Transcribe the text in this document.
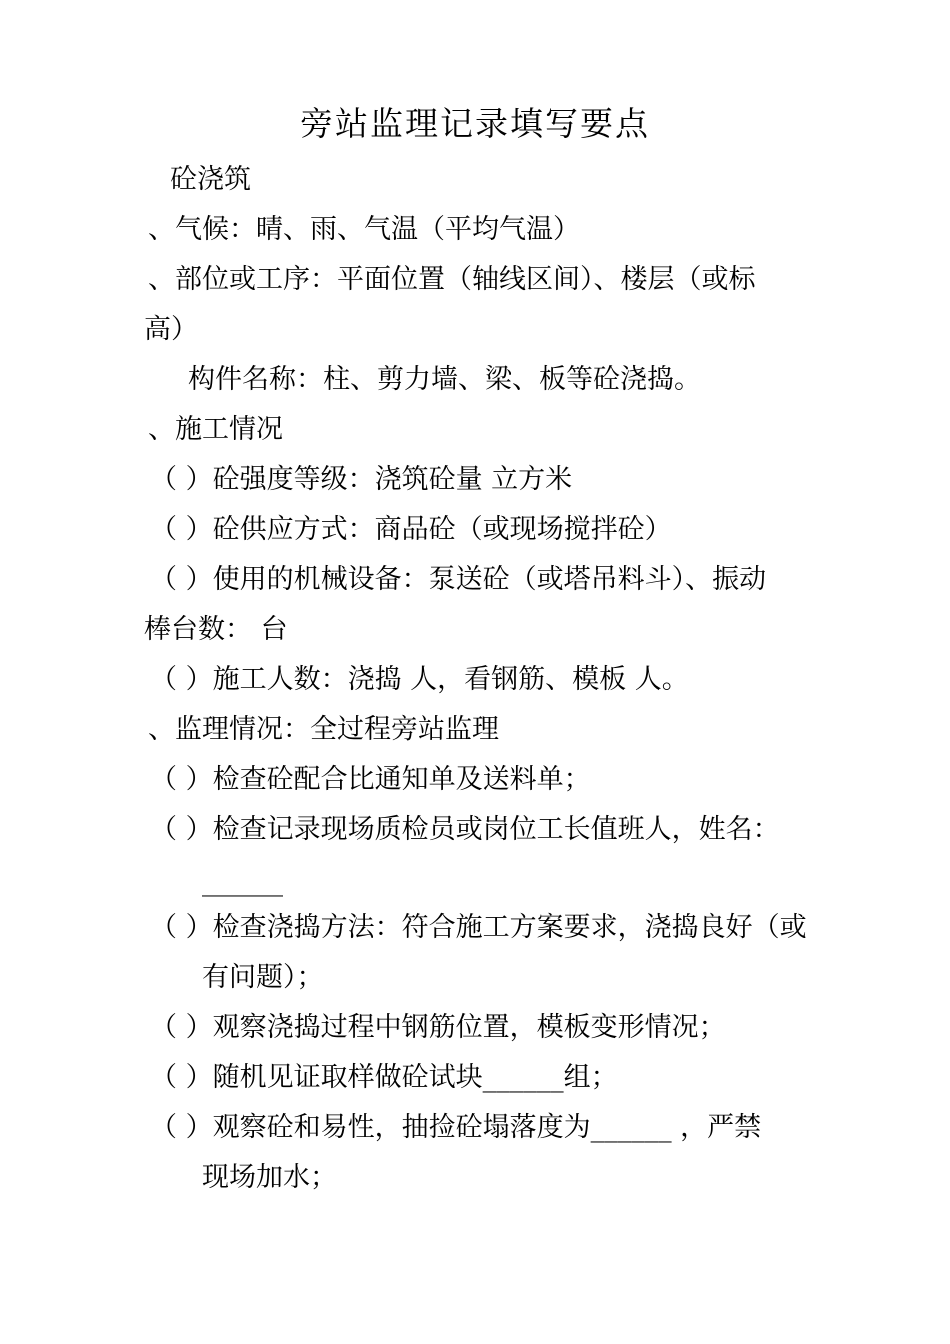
旁站监理记录填写要点
砼浇筑
、气候：晴、雨、气温（平均气温）
、部位或工序：平面位置（轴线区间）、楼层（或标
高）
构件名称：柱、剪力墙、梁、板等砼浇捣。
、施工情况
（ ）砼强度等级：浇筑砼量 立方米
（ ）砼供应方式：商品砼（或现场搅拌砼）
（ ）使用的机械设备：泵送砼（或塔吊料斗）、振动
棒台数： 台
（ ）施工人数：浇捣 人，看钢筋、模板 人。
、监理情况：全过程旁站监理
（ ）检查砼配合比通知单及送料单；
（ ）检查记录现场质检员或岗位工长值班人，姓名：
______
（ ）检查浇捣方法：符合施工方案要求，浇捣良好（或
有问题）；
（ ）观察浇捣过程中钢筋位置，模板变形情况；
（ ）随机见证取样做砼试块______组；
（ ）观察砼和易性，抽捡砼塌落度为______ ，严禁
现场加水；
